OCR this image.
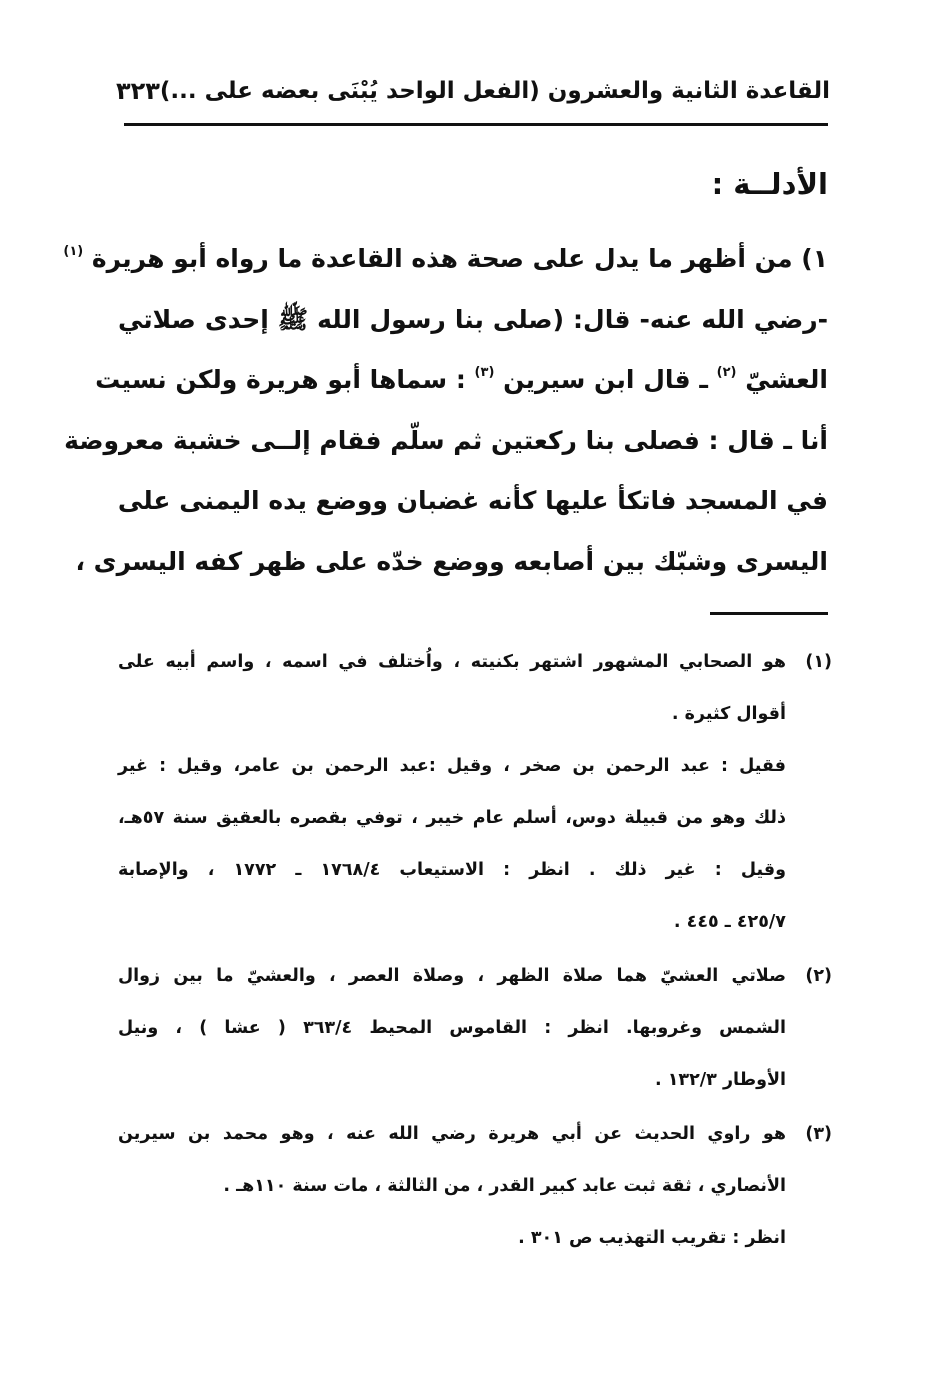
القاعدة الثانية والعشرون (الفعل الواحد يُبْنَى بعضه على ...)
٣٢٣
الأدلــة :
١) من أظهر ما يدل على صحة هذه القاعدة ما رواه أبو هريرة $^{(١)}$
-رضي الله عنه- قال: (صلى بنا رسول الله ﷺ إحدى صلاتي
العشيّ $^{(٢)}$ ـ قال ابن سيرين $^{(٣)}$ : سماها أبو هريرة ولكن نسيت
أنا ـ قال : فصلى بنا ركعتين ثم سلّم فقام إلــى خشبة معروضة
في المسجد فاتكأ عليها كأنه غضبان ووضع يده اليمنى على
اليسرى وشبّك بين أصابعه ووضع خدّه على ظهر كفه اليسرى ،
(١)
هو الصحابي المشهور اشتهر بكنيته ، واُختلف في اسمه ، واسم أبيه على
أقوال كثيرة .
فقيل : عبد الرحمن بن صخر ، وقيل :عبد الرحمن بن عامر، وقيل : غير
ذلك وهو من قبيلة دوس، أسلم عام خيبر ، توفي بقصره بالعقيق سنة ٥٧هـ،
وقيل : غير ذلك . انظر : الاستيعاب ١٧٦٨/٤ ـ ١٧٧٢ ، والإصابة
٤٢٥/٧ ـ ٤٤٥ .
(٢)
صلاتي العشيّ هما صلاة الظهر ، وصلاة العصر ، والعشيّ ما بين زوال
الشمس وغروبها. انظر : القاموس المحيط ٣٦٣/٤ ( عشا ) ، ونيل
الأوطار ١٣٢/٣ .
(٣)
هو راوي الحديث عن أبي هريرة رضي الله عنه ، وهو محمد بن سيرين
الأنصاري ، ثقة ثبت عابد كبير القدر ، من الثالثة ، مات سنة ١١٠هـ .
انظر : تقريب التهذيب ص ٣٠١ .
